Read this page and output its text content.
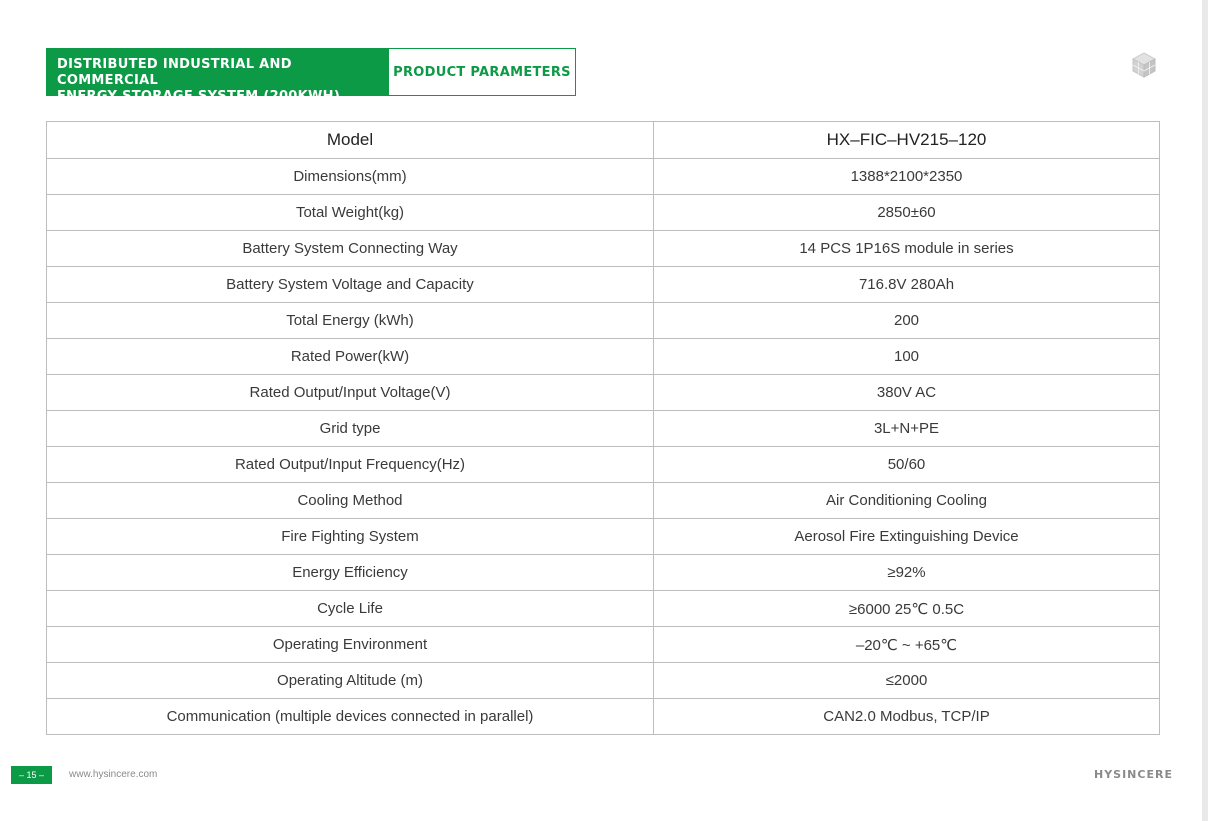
DISTRIBUTED INDUSTRIAL AND COMMERCIAL
ENERGY STORAGE SYSTEM (200KWH)
PRODUCT PARAMETERS
Model	HX–FIC–HV215–120
Dimensions(mm)	1388*2100*2350
Total Weight(kg)	2850±60
Battery System Connecting Way	14 PCS 1P16S module in series
Battery System Voltage and Capacity	716.8V 280Ah
Total Energy (kWh)	200
Rated Power(kW)	100
Rated Output/Input Voltage(V)	380V AC
Grid type	3L+N+PE
Rated Output/Input Frequency(Hz)	50/60
Cooling Method	Air Conditioning Cooling
Fire Fighting System	Aerosol Fire Extinguishing Device
Energy Efficiency	≥92%
Cycle Life	≥6000 25℃ 0.5C
Operating Environment	–20℃ ~ +65℃
Operating Altitude (m)	≤2000
Communication (multiple devices connected in parallel)	CAN2.0 Modbus, TCP/IP
– 15 –	www.hysincere.com	HYSINCERE
